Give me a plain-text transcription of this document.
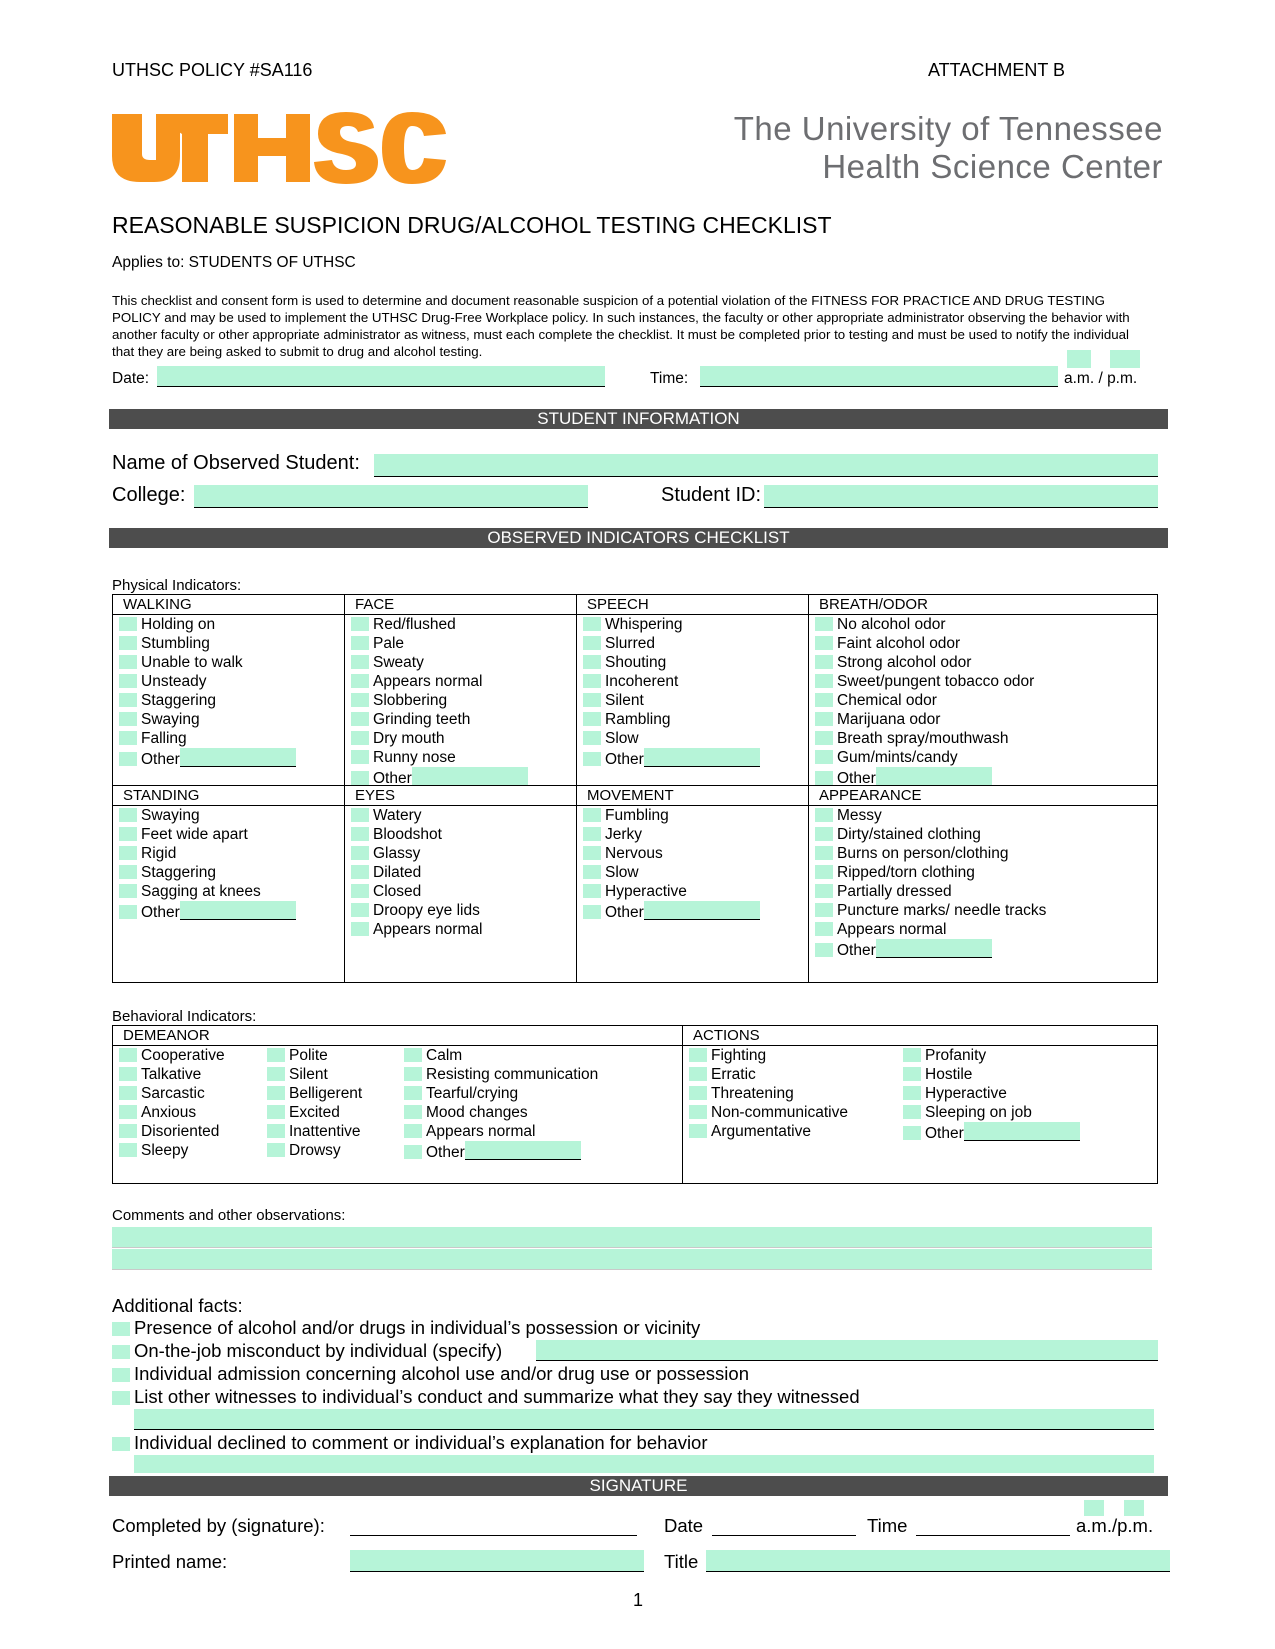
UTHSC POLICY #SA116	ATTACHMENT B
The University of Tennessee
Health Science Center
REASONABLE SUSPICION DRUG/ALCOHOL TESTING CHECKLIST
Applies to: STUDENTS OF UTHSC
This checklist and consent form is used to determine and document reasonable suspicion of a potential violation of the FITNESS FOR PRACTICE AND DRUG TESTING POLICY and may be used to implement the UTHSC Drug-Free Workplace policy. In such instances, the faculty or other appropriate administrator observing the behavior with another faculty or other appropriate administrator as witness, must each complete the checklist. It must be completed prior to testing and must be used to notify the individual that they are being asked to submit to drug and alcohol testing.
Date:	Time:	a.m. / p.m.
STUDENT INFORMATION
Name of Observed Student:
College:	Student ID:
OBSERVED INDICATORS CHECKLIST
Physical Indicators:
WALKING
Holding on
Stumbling
Unable to walk
Unsteady
Staggering
Swaying
Falling
Other
FACE
Red/flushed
Pale
Sweaty
Appears normal
Slobbering
Grinding teeth
Dry mouth
Runny nose
Other
SPEECH
Whispering
Slurred
Shouting
Incoherent
Silent
Rambling
Slow
Other
BREATH/ODOR
No alcohol odor
Faint alcohol odor
Strong alcohol odor
Sweet/pungent tobacco odor
Chemical odor
Marijuana odor
Breath spray/mouthwash
Gum/mints/candy
Other
STANDING
Swaying
Feet wide apart
Rigid
Staggering
Sagging at knees
Other
EYES
Watery
Bloodshot
Glassy
Dilated
Closed
Droopy eye lids
Appears normal
MOVEMENT
Fumbling
Jerky
Nervous
Slow
Hyperactive
Other
APPEARANCE
Messy
Dirty/stained clothing
Burns on person/clothing
Ripped/torn clothing
Partially dressed
Puncture marks/ needle tracks
Appears normal
Other
Behavioral Indicators:
DEMEANOR
Cooperative
Talkative
Sarcastic
Anxious
Disoriented
Sleepy
Polite
Silent
Belligerent
Excited
Inattentive
Drowsy
Calm
Resisting communication
Tearful/crying
Mood changes
Appears normal
Other
ACTIONS
Fighting
Erratic
Threatening
Non-communicative
Argumentative
Profanity
Hostile
Hyperactive
Sleeping on job
Other
Comments and other observations:
Additional facts:
Presence of alcohol and/or drugs in individual’s possession or vicinity
On-the-job misconduct by individual (specify)
Individual admission concerning alcohol use and/or drug use or possession
List other witnesses to individual’s conduct and summarize what they say they witnessed
Individual declined to comment or individual’s explanation for behavior
SIGNATURE
Completed by (signature):	Date	Time	a.m./p.m.
Printed name:	Title
1
